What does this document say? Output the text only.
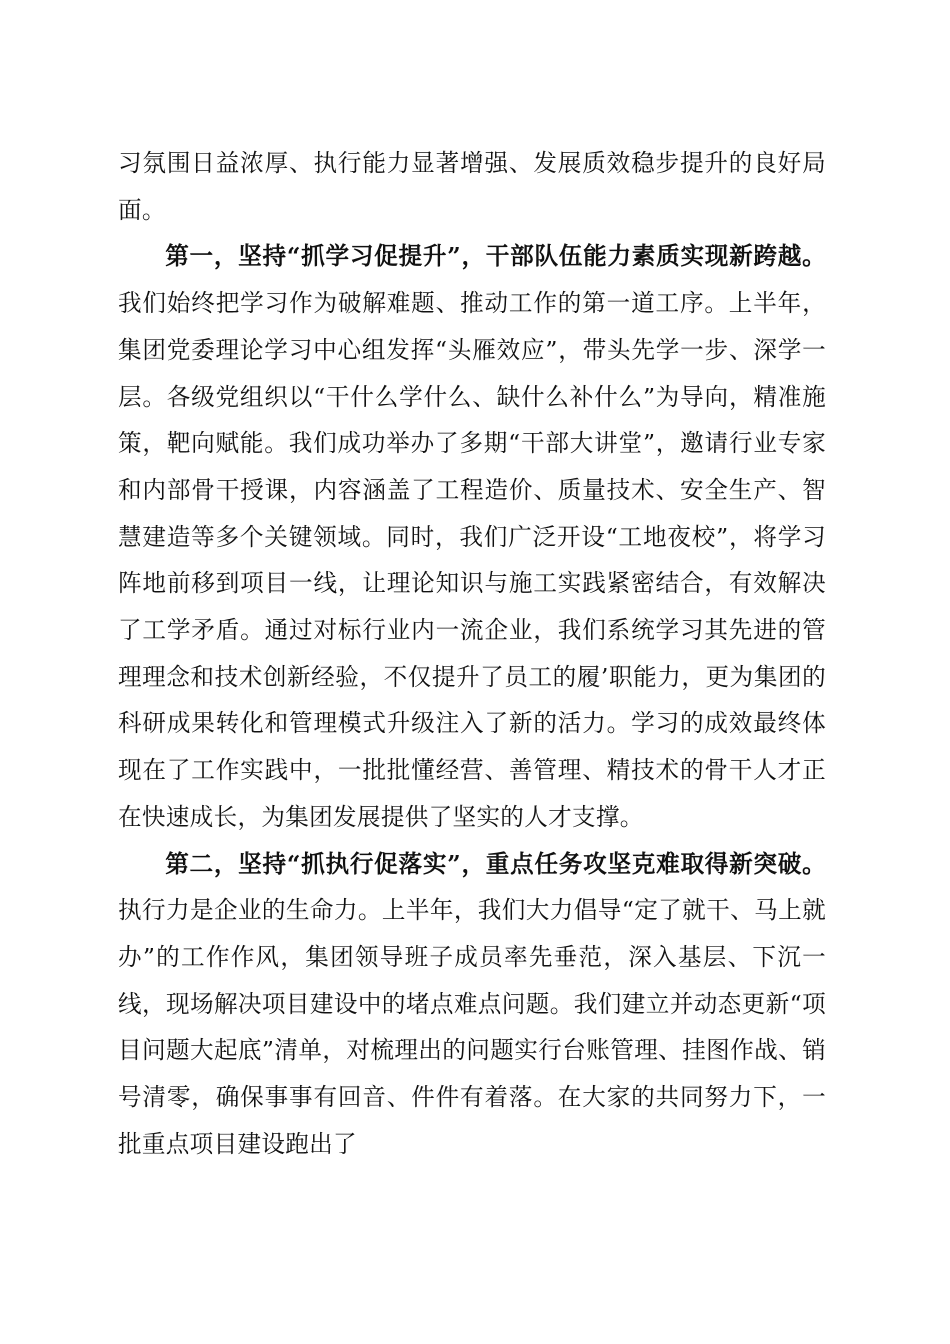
习氛围日益浓厚、执行能力显著增强、发展质效稳步提升的良好局面。

第一，坚持“抓学习促提升”，干部队伍能力素质实现新跨越。我们始终把学习作为破解难题、推动工作的第一道工序。上半年，集团党委理论学习中心组发挥“头雁效应”，带头先学一步、深学一层。各级党组织以“干什么学什么、缺什么补什么”为导向，精准施策，靶向赋能。我们成功举办了多期“干部大讲堂”，邀请行业专家和内部骨干授课，内容涵盖了工程造价、质量技术、安全生产、智慧建造等多个关键领域。同时，我们广泛开设“工地夜校”，将学习阵地前移到项目一线，让理论知识与施工实践紧密结合，有效解决了工学矛盾。通过对标行业内一流企业，我们系统学习其先进的管理理念和技术创新经验，不仅提升了员工的履’职能力，更为集团的科研成果转化和管理模式升级注入了新的活力。学习的成效最终体现在了工作实践中，一批批懂经营、善管理、精技术的骨干人才正在快速成长，为集团发展提供了坚实的人才支撑。

第二，坚持“抓执行促落实”，重点任务攻坚克难取得新突破。执行力是企业的生命力。上半年，我们大力倡导“定了就干、马上就办”的工作作风，集团领导班子成员率先垂范，深入基层、下沉一线，现场解决项目建设中的堵点难点问题。我们建立并动态更新“项目问题大起底”清单，对梳理出的问题实行台账管理、挂图作战、销号清零，确保事事有回音、件件有着落。在大家的共同努力下，一批重点项目建设跑出了
